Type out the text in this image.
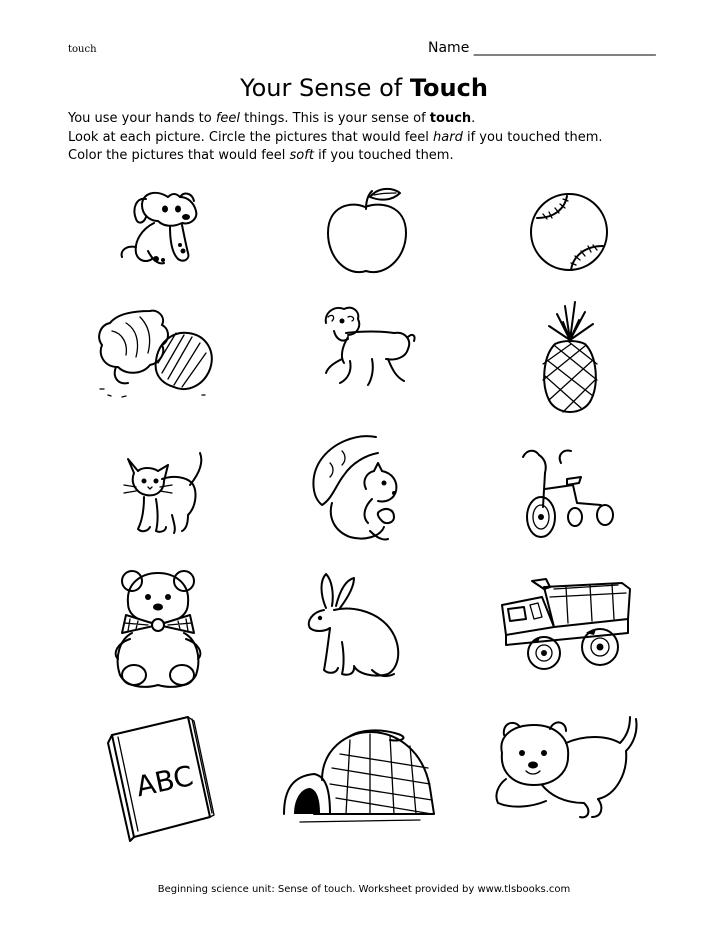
touch	Name __________________________
Your Sense of Touch
You use your hands to feel things. This is your sense of touch.
Look at each picture. Circle the pictures that would feel hard if you touched them.
Color the pictures that would feel soft if you touched them.
ABC
Beginning science unit: Sense of touch. Worksheet provided by www.tlsbooks.com
